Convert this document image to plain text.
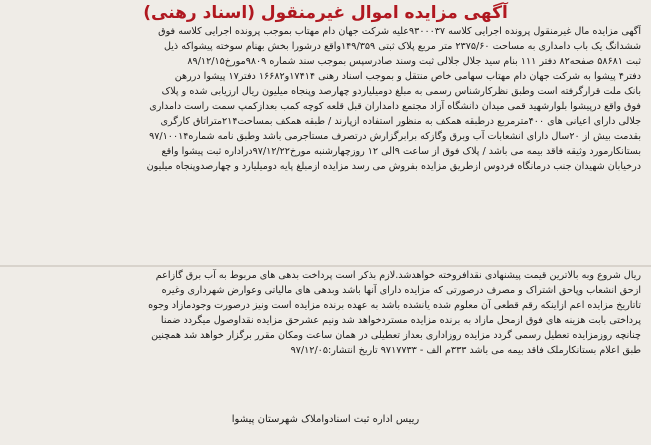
آگهی مزایده اموال غیرمنقول (اسناد رهنی)
آگهی مزایده مال غیرمنقول پرونده اجرایی کلاسه ۹۳۰۰۰۳۷علیه شرکت جهان دام مهتاب بموجب پرونده اجرایی کلاسه فوق
ششدانگ یک باب دامداری به مساحت ۲۳۷۵/۶۰ متر مربع پلاک ثبتی ۱۴۹/۳۵۹واقع درشورا بخش بهنام سوخته پیشواکه ذیل
ثبت ۵۸۶۸۱ صفحه۸۲ دفتر ۱۱۱ بنام سید جلال جلالی ثبت وسند صادرسپس بموجب سند شماره ۹۸۰۹مورخ۸۹/۱۲/۱۵
دفتر۴ پیشوا به شرکت جهان دام مهتاب سهامی خاص منتقل و بموجب اسناد رهنی ۱۷۴۱۴و۱۶۶۸۲ دفتر۱۷ پیشوا دررهن
بانک ملت قرارگرفته است وطبق نظرکارشناس رسمی به مبلغ دومیلیاردو چهارصد وپنجاه میلیون ریال ارزیابی شده و پلاک
فوق واقع درپیشوا بلوارشهید قمی میدان دانشگاه آزاد مجتمع دامداران قبل قلعه کوچه کمب بعدازکمپ سمت راست دامداری
جلالی دارای اعیانی های ۴۰۰مترمربع درطبقه همکف به منظور استفاده ازپارند / طبقه همکف بمساحت۲۱۴متراتاق کارگری
بقدمت بیش از ۲۰سال دارای انشعابات آب وبرق وگازکه برابرگزارش درتصرف مستاجرمی باشد وطبق نامه شماره۹۷/۱۰۰۱۴
بستانکارمورد وثیقه فاقد بیمه می باشد / پلاک فوق از ساعت ۹الی ۱۲ روزچهارشنبه مورخ۹۷/۱۲/۲۲دراداره ثبت پیشوا واقع
درخیابان شهیدان جنب درمانگاه فردوس ازطریق مزایده بفروش می رسد مزایده ازمبلغ پایه دومیلیارد و چهارصدوپنجاه میلیون
ریال شروع وبه بالاترین قیمت پیشنهادی نقدافروخته خواهدشد.لازم بذکر است پرداخت بدهی های مربوط به آب برق گازاعم
ازحق انشعاب وپاحق اشتراک و مصرف درصورتی که مزایده دارای آنها باشد وبدهی های مالیاتی وعوارض شهرداری وغیره
تاتاریخ مزایده اعم ازاینکه رقم قطعی آن معلوم شده یانشده باشد به عهده برنده مزایده است ونیز درصورت وجودمازاد وجوه
پرداختی بابت هزینه های فوق ازمحل مازاد به برنده مزایده مستردخواهد شد ونیم عشرحق مزایده نقداوصول میگردد ضمنا
چنانچه روزمزایده تعطیل رسمی گردد مزایده روزاداری بعداز تعطیلی در همان ساعت ومکان مقرر برگزار خواهد شد همچنین
طبق اعلام بستانکارملک فاقد بیمه می باشد ۳۳۳م الف - ۹۷۱۷۷۳۳ تاریخ انتشار:۹۷/۱۲/۰۵
رییس اداره ثبت اسنادواملاک شهرستان پیشوا
